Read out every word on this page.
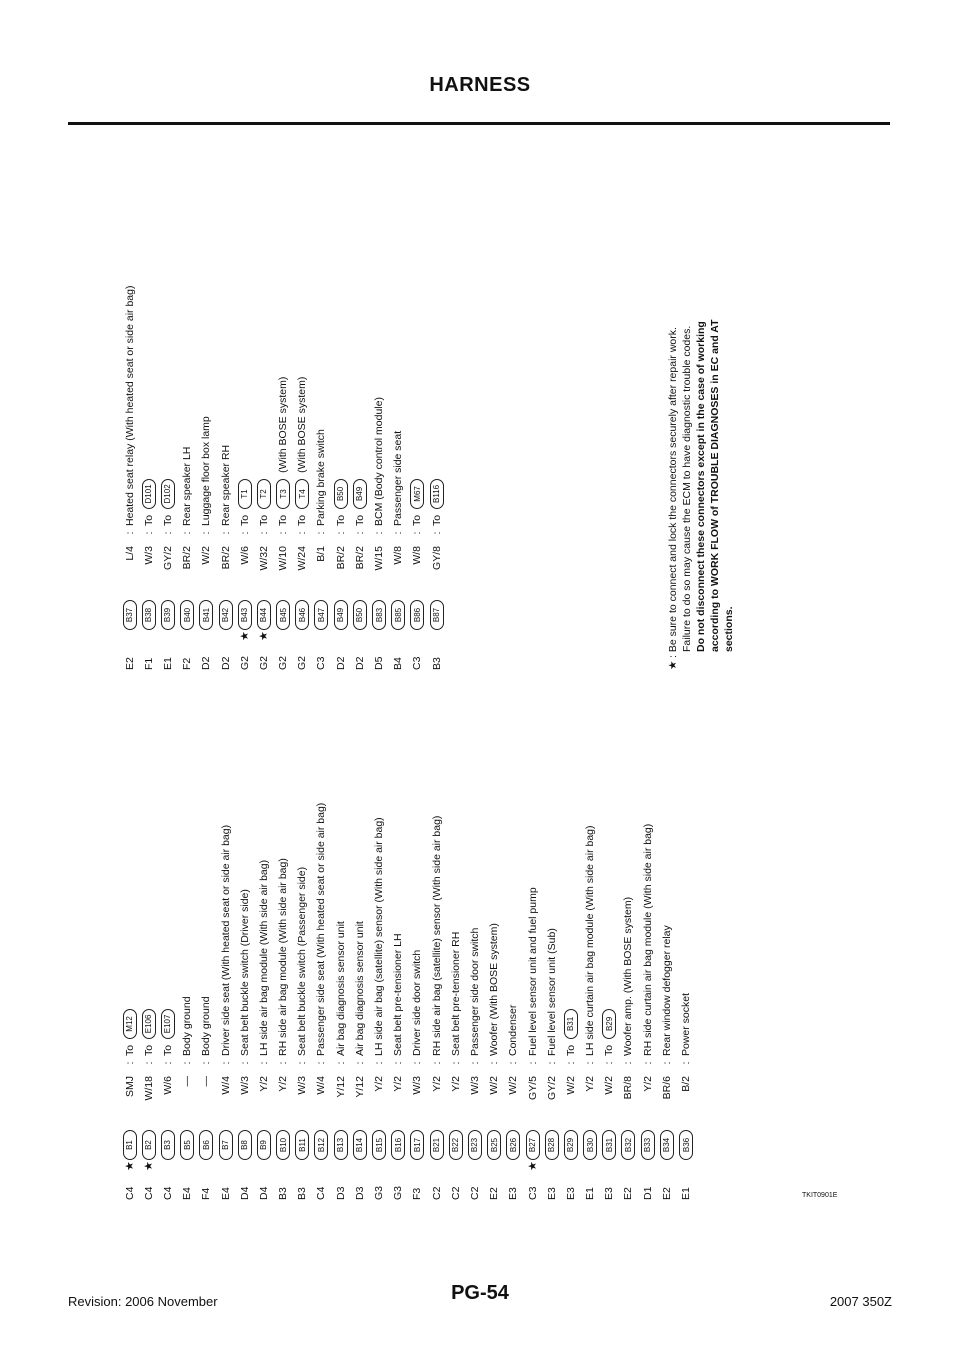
HARNESS
C4
★
B1
SMJ
:
To
M12
C4
★
B2
W/18
:
To
E106
C4
B3
W/6
:
To
E107
E4
B5
—
:
Body ground
F4
B6
—
:
Body ground
E4
B7
W/4
:
Driver side seat (With heated seat or side air bag)
D4
B8
W/3
:
Seat belt buckle switch (Driver side)
D4
B9
Y/2
:
LH side air bag module (With side air bag)
B3
B10
Y/2
:
RH side air bag module (With side air bag)
B3
B11
W/3
:
Seat belt buckle switch (Passenger side)
C4
B12
W/4
:
Passenger side seat (With heated seat or side air bag)
D3
B13
Y/12
:
Air bag diagnosis sensor unit
D3
B14
Y/12
:
Air bag diagnosis sensor unit
G3
B15
Y/2
:
LH side air bag (satellite) sensor (With side air bag)
G3
B16
Y/2
:
Seat belt pre-tensioner LH
F3
B17
W/3
:
Driver side door switch
C2
B21
Y/2
:
RH side air bag (satellite) sensor (With side air bag)
C2
B22
Y/2
:
Seat belt pre-tensioner RH
C2
B23
W/3
:
Passenger side door switch
E2
B25
W/2
:
Woofer (With BOSE system)
E3
B26
W/2
:
Condenser
C3
★
B27
GY/5
:
Fuel level sensor unit and fuel pump
E3
B28
GY/2
:
Fuel level sensor unit (Sub)
E3
B29
W/2
:
To
B31
E1
B30
Y/2
:
LH side curtain air bag module (With side air bag)
E3
B31
W/2
:
To
B29
E2
B32
BR/8
:
Woofer amp. (With BOSE system)
D1
B33
Y/2
:
RH side curtain air bag module (With side air bag)
E2
B34
BR/6
:
Rear window defogger relay
E1
B36
B/2
:
Power socket
E2
B37
L/4
:
Heated seat relay (With heated seat or side air bag)
F1
B38
W/3
:
To
D101
E1
B39
GY/2
:
To
D102
F2
B40
BR/2
:
Rear speaker LH
D2
B41
W/2
:
Luggage floor box lamp
D2
B42
BR/2
:
Rear speaker RH
G2
★
B43
W/6
:
To
T1
G2
★
B44
W/32
:
To
T2
G2
B45
W/10
:
To
T3
(With BOSE system)
G2
B46
W/24
:
To
T4
(With BOSE system)
C3
B47
B/1
:
Parking brake switch
D2
B49
BR/2
:
To
B50
D2
B50
BR/2
:
To
B49
D5
B83
W/15
:
BCM (Body control module)
B4
B85
W/8
:
Passenger side seat
C3
B86
W/8
:
To
M67
B3
B87
GY/8
:
To
B116
★
: Be sure to connect and lock the connectors securely after repair work. Failure to do so may cause the ECM to have diagnostic trouble codes. Do not disconnect these connectors except in the case of working according to WORK FLOW of TROUBLE DIAGNOSES in EC and AT sections.
TKIT0901E
Revision: 2006 November	PG-54	2007 350Z
